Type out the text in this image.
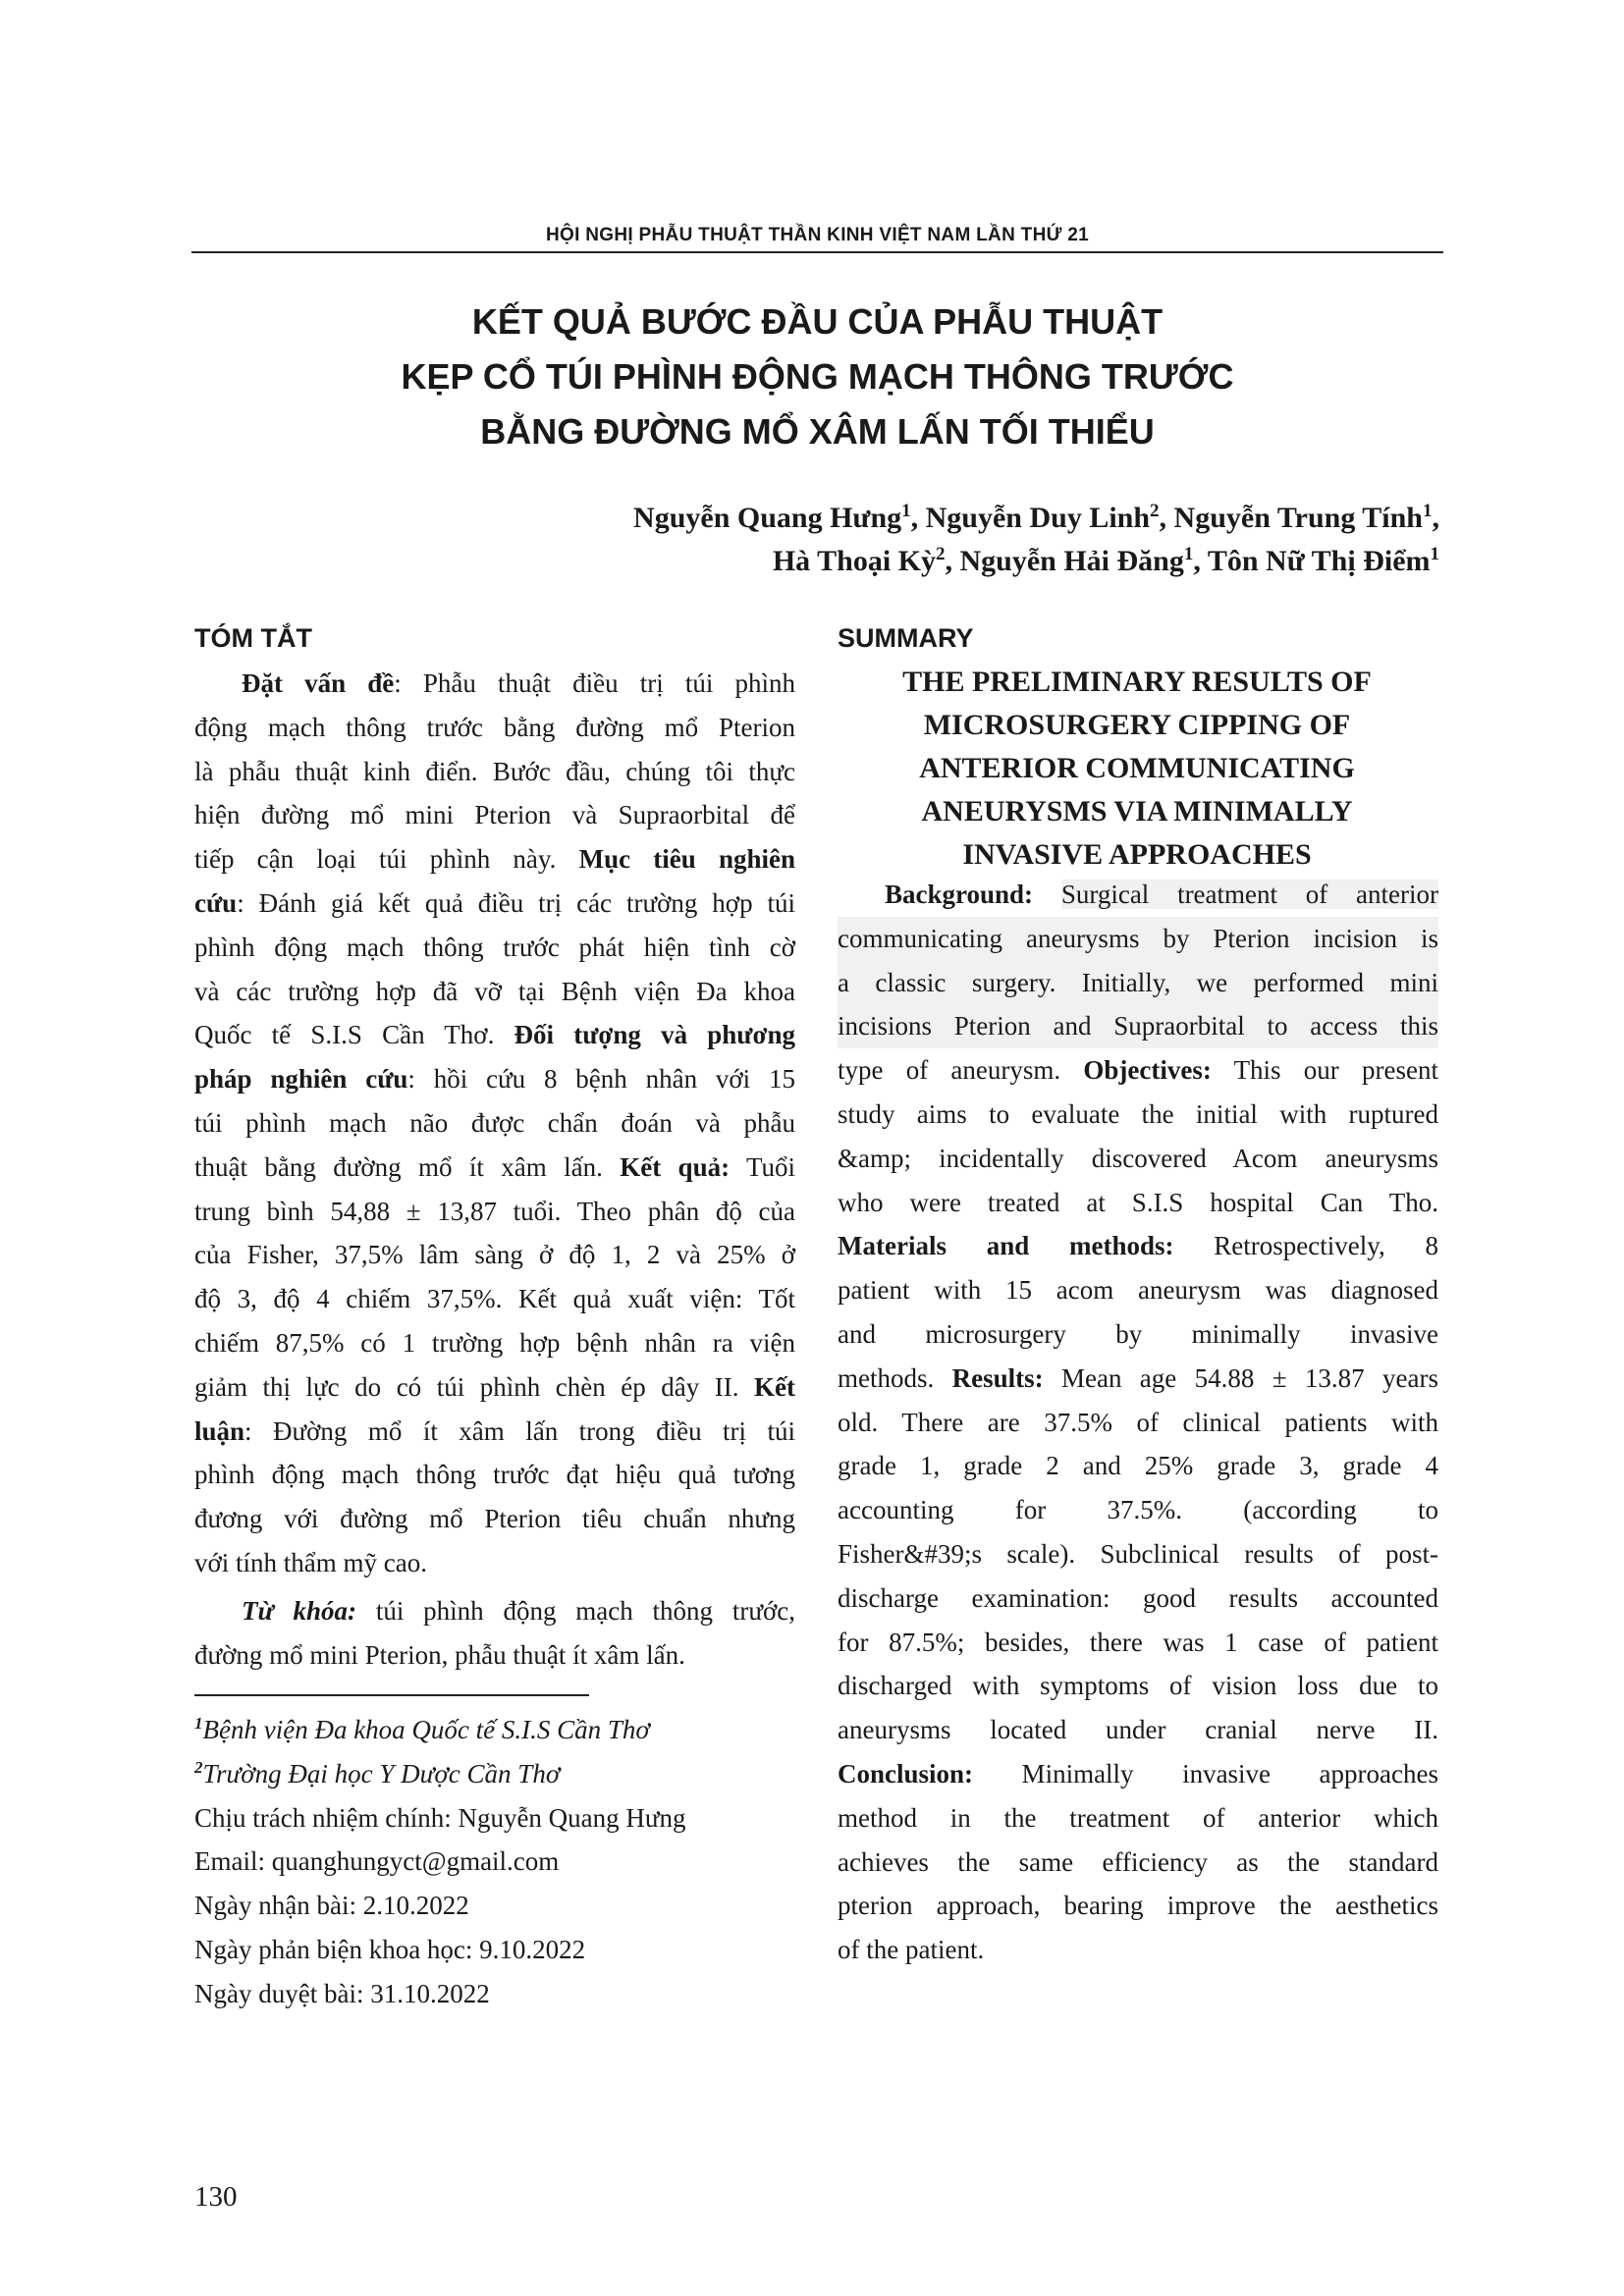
HỘI NGHỊ PHẪU THUẬT THẦN KINH VIỆT NAM LẦN THỨ 21
KẾT QUẢ BƯỚC ĐẦU CỦA PHẪU THUẬT
KẸP CỔ TÚI PHÌNH ĐỘNG MẠCH THÔNG TRƯỚC
BẰNG ĐƯỜNG MỔ XÂM LẤN TỐI THIỂU
Nguyễn Quang Hưng$^1$, Nguyễn Duy Linh$^2$, Nguyễn Trung Tính$^1$,
Hà Thoại Kỳ$^2$, Nguyễn Hải Đăng$^1$, Tôn Nữ Thị Điểm$^1$
TÓM TẮT
Đặt vấn đề: Phẫu thuật điều trị túi phình
động mạch thông trước bằng đường mổ Pterion
là phẫu thuật kinh điển. Bước đầu, chúng tôi thực
hiện đường mổ mini Pterion và Supraorbital để
tiếp cận loại túi phình này. Mục tiêu nghiên
cứu: Đánh giá kết quả điều trị các trường hợp túi
phình động mạch thông trước phát hiện tình cờ
và các trường hợp đã vỡ tại Bệnh viện Đa khoa
Quốc tế S.I.S Cần Thơ. Đối tượng và phương
pháp nghiên cứu: hồi cứu 8 bệnh nhân với 15
túi phình mạch não được chẩn đoán và phẫu
thuật bằng đường mổ ít xâm lấn. Kết quả: Tuổi
trung bình 54,88 ± 13,87 tuổi. Theo phân độ của
của Fisher, 37,5% lâm sàng ở độ 1, 2 và 25% ở
độ 3, độ 4 chiếm 37,5%. Kết quả xuất viện: Tốt
chiếm 87,5% có 1 trường hợp bệnh nhân ra viện
giảm thị lực do có túi phình chèn ép dây II. Kết
luận: Đường mổ ít xâm lấn trong điều trị túi
phình động mạch thông trước đạt hiệu quả tương
đương với đường mổ Pterion tiêu chuẩn nhưng
với tính thẩm mỹ cao.
Từ khóa: túi phình động mạch thông trước,
đường mổ mini Pterion, phẫu thuật ít xâm lấn.
SUMMARY
THE PRELIMINARY RESULTS OF
MICROSURGERY CIPPING OF
ANTERIOR COMMUNICATING
ANEURYSMS VIA MINIMALLY
INVASIVE APPROACHES
Background: Surgical treatment of anterior
communicating aneurysms by Pterion incision is
a classic surgery. Initially, we performed mini
incisions Pterion and Supraorbital to access this
type of aneurysm. Objectives: This our present
study aims to evaluate the initial with ruptured
&amp; incidentally discovered Acom aneurysms
who were treated at S.I.S hospital Can Tho.
Materials and methods: Retrospectively, 8
patient with 15 acom aneurysm was diagnosed
and microsurgery by minimally invasive
methods. Results: Mean age 54.88 ± 13.87 years
old. There are 37.5% of clinical patients with
grade 1, grade 2 and 25% grade 3, grade 4
accounting for 37.5%. (according to
Fisher&#39;s scale). Subclinical results of post-
discharge examination: good results accounted
for 87.5%; besides, there was 1 case of patient
discharged with symptoms of vision loss due to
aneurysms located under cranial nerve II.
Conclusion: Minimally invasive approaches
method in the treatment of anterior which
achieves the same efficiency as the standard
pterion approach, bearing improve the aesthetics
of the patient.
$^1$Bệnh viện Đa khoa Quốc tế S.I.S Cần Thơ
$^2$Trường Đại học Y Dược Cần Thơ
Chịu trách nhiệm chính: Nguyễn Quang Hưng
Email: quanghungyct@gmail.com
Ngày nhận bài: 2.10.2022
Ngày phản biện khoa học: 9.10.2022
Ngày duyệt bài: 31.10.2022
130
